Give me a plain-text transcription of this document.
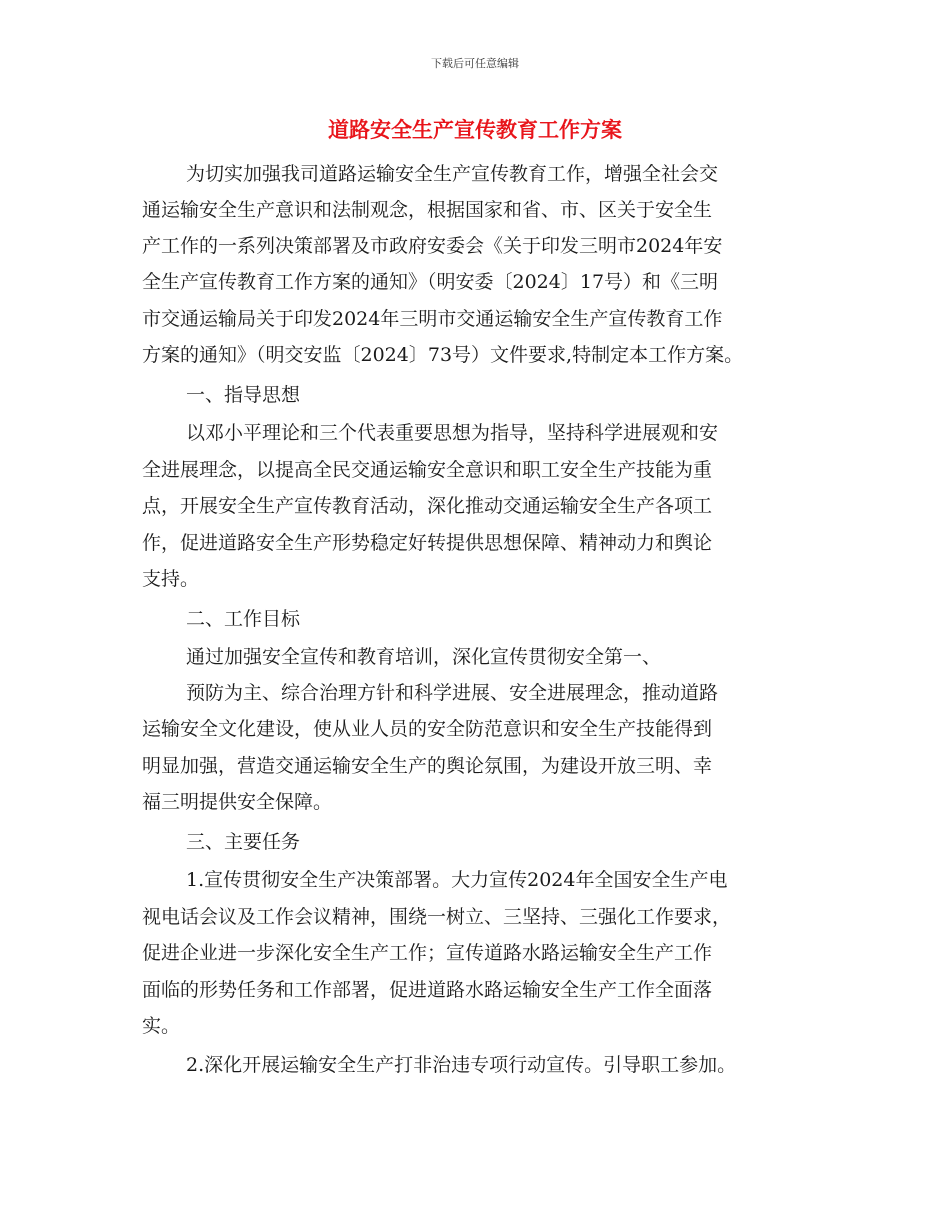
下载后可任意编辑
道路安全生产宣传教育工作方案
为切实加强我司道路运输安全生产宣传教育工作，增强全社会交
通运输安全生产意识和法制观念，根据国家和省、市、区关于安全生
产工作的一系列决策部署及市政府安委会《关于印发三明市2024年安
全生产宣传教育工作方案的通知》（明安委〔2024〕17号）和《三明
市交通运输局关于印发2024年三明市交通运输安全生产宣传教育工作
方案的通知》（明交安监〔2024〕73号）文件要求,特制定本工作方案。
一、指导思想
以邓小平理论和三个代表重要思想为指导，坚持科学进展观和安
全进展理念，以提高全民交通运输安全意识和职工安全生产技能为重
点，开展安全生产宣传教育活动，深化推动交通运输安全生产各项工
作，促进道路安全生产形势稳定好转提供思想保障、精神动力和舆论
支持。
二、工作目标
通过加强安全宣传和教育培训，深化宣传贯彻安全第一、
预防为主、综合治理方针和科学进展、安全进展理念，推动道路
运输安全文化建设，使从业人员的安全防范意识和安全生产技能得到
明显加强，营造交通运输安全生产的舆论氛围，为建设开放三明、幸
福三明提供安全保障。
三、主要任务
1.宣传贯彻安全生产决策部署。大力宣传2024年全国安全生产电
视电话会议及工作会议精神，围绕一树立、三坚持、三强化工作要求，
促进企业进一步深化安全生产工作；宣传道路水路运输安全生产工作
面临的形势任务和工作部署，促进道路水路运输安全生产工作全面落
实。
2.深化开展运输安全生产打非治违专项行动宣传。引导职工参加。
